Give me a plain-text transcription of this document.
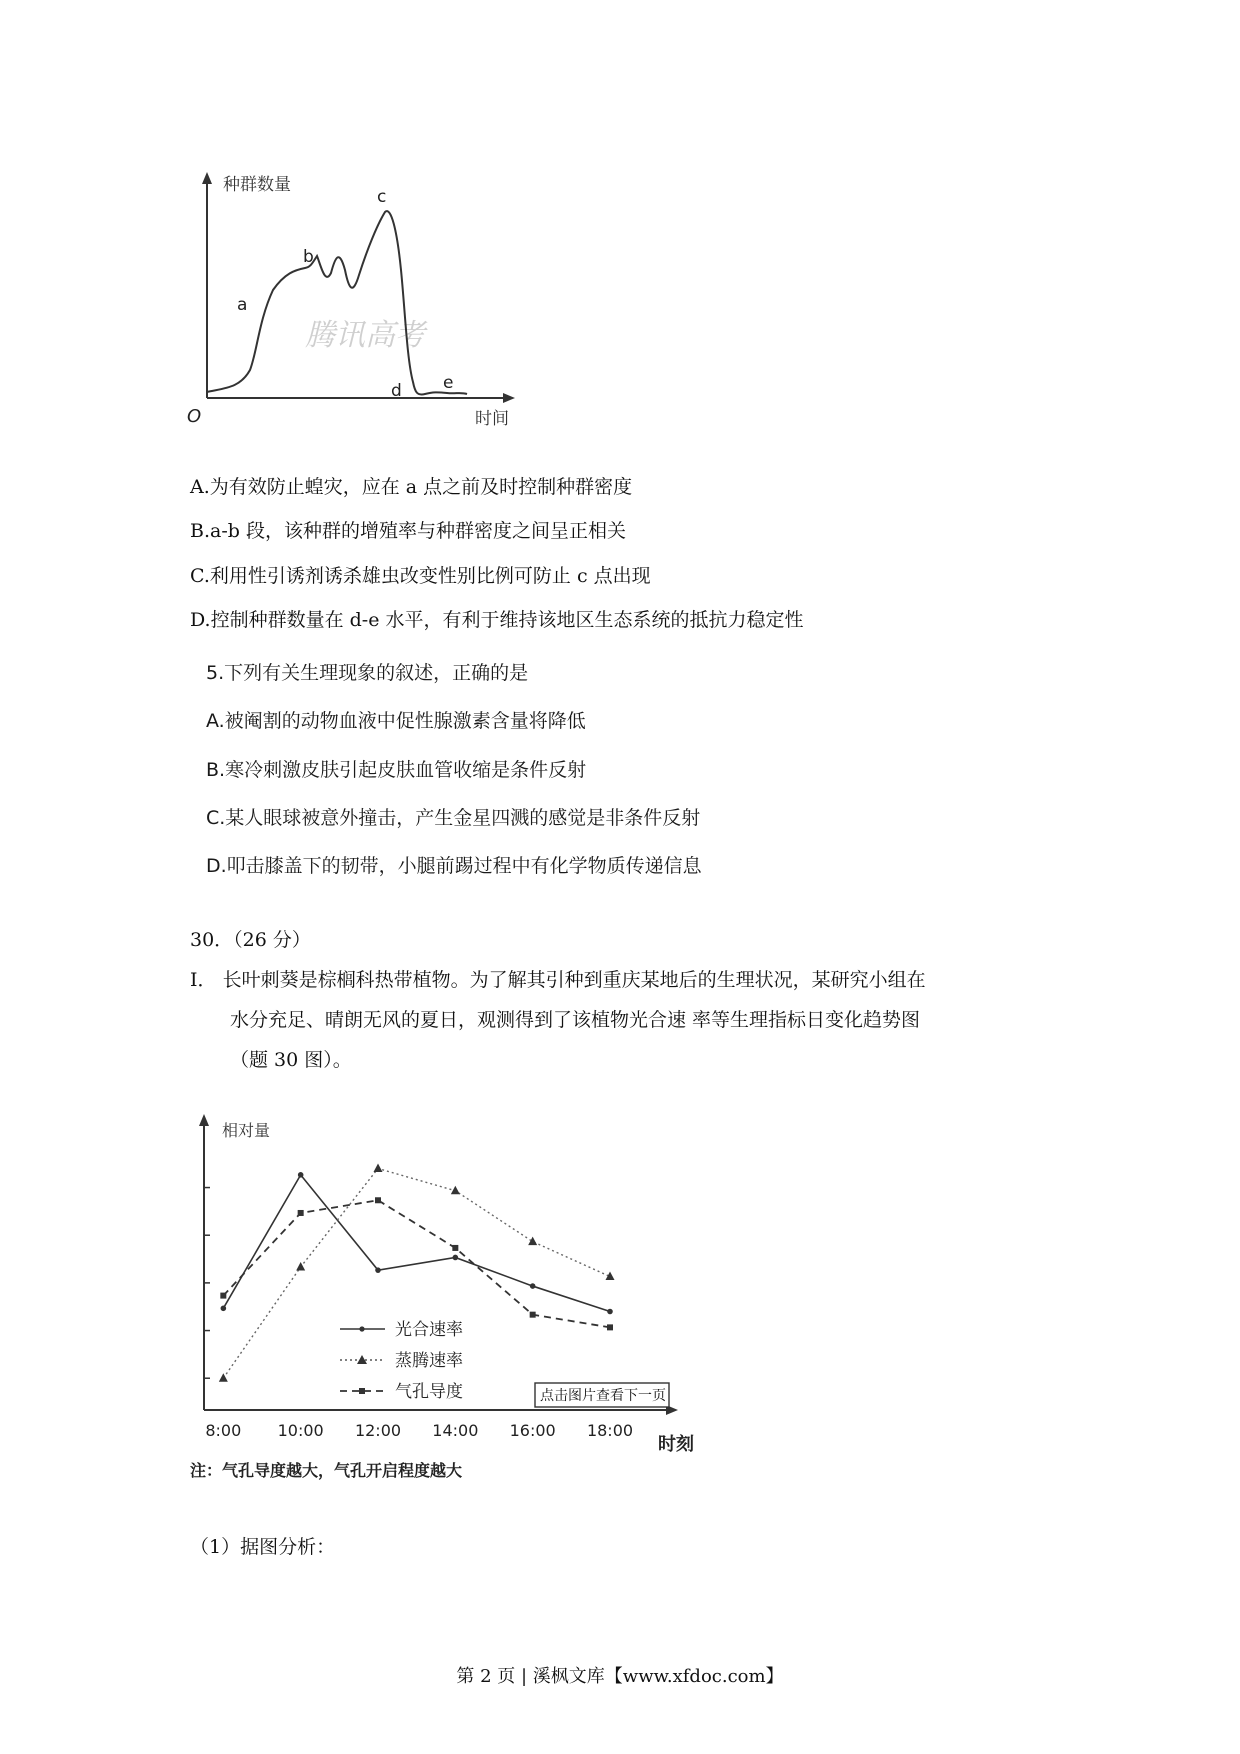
腾讯高考
a
b
c
d e
种群数量
时间
O
A.为有效防止蝗灾，应在 a 点之前及时控制种群密度
B.a-b 段，该种群的增殖率与种群密度之间呈正相关
C.利用性引诱剂诱杀雄虫改变性别比例可防止 c 点出现
D.控制种群数量在 d-e 水平，有利于维持该地区生态系统的抵抗力稳定性
5.下列有关生理现象的叙述，正确的是
A.被阉割的动物血液中促性腺激素含量将降低
B.寒冷刺激皮肤引起皮肤血管收缩是条件反射
C.某人眼球被意外撞击，产生金星四溅的感觉是非条件反射
D.叩击膝盖下的韧带，小腿前踢过程中有化学物质传递信息
30．（26 分）
Ⅰ． 长叶刺葵是棕榈科热带植物。为了解其引种到重庆某地后的生理状况，某研究小组在
水分充足、晴朗无风的夏日，观测得到了该植物光合速 率等生理指标日变化趋势图
（题 30 图）。
8:00 10:00 12:00 14:00 16:00 18:00
相对量
时刻
光合速率
蒸腾速率
气孔导度	点击图片查看下一页
注：气孔导度越大，气孔开启程度越大
（1）据图分析：
第 2 页 | 溪枫文库【www.xfdoc.com】
